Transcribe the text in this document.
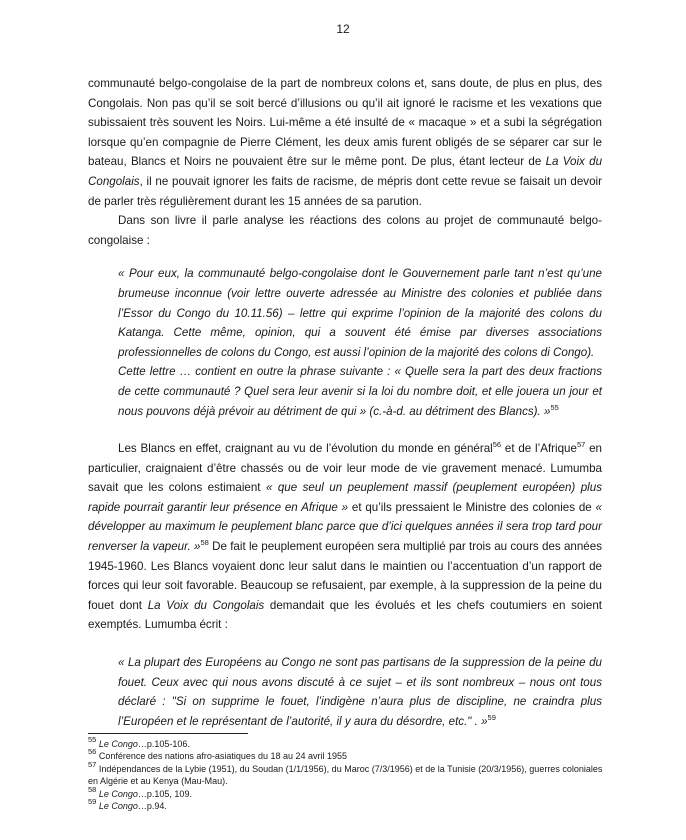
12

communauté belgo-congolaise de la part de nombreux colons et, sans doute, de plus en plus, des Congolais. Non pas qu’il se soit bercé d’illusions ou qu’il ait ignoré le racisme et les vexations que subissaient très souvent les Noirs. Lui-même a été insulté de « macaque » et a subi la ségrégation lorsque qu’en compagnie de Pierre Clément, les deux amis furent obligés de se séparer car sur le bateau, Blancs et Noirs ne pouvaient être sur le même pont. De plus, étant lecteur de La Voix du Congolais, il ne pouvait ignorer les faits de racisme, de mépris dont cette revue se faisait un devoir de parler très régulièrement durant les 15 années de sa parution.

Dans son livre il parle analyse les réactions des colons au projet de communauté belgo-congolaise :

« Pour eux, la communauté belgo-congolaise dont le Gouvernement parle tant n’est qu’une brumeuse inconnue (voir lettre ouverte adressée au Ministre des colonies et publiée dans l’Essor du Congo du 10.11.56) – lettre qui exprime l’opinion de la majorité des colons du Katanga. Cette même, opinion, qui a souvent été émise par diverses associations professionnelles de colons du Congo, est aussi l’opinion de la majorité des colons di Congo).

Cette lettre … contient en outre la phrase suivante : « Quelle sera la part des deux fractions de cette communauté ? Quel sera leur avenir si la loi du nombre doit, et elle jouera un jour et nous pouvons déjà prévoir au détriment de qui » (c.-à-d. au détriment des Blancs). »$^{55}$

Les Blancs en effet, craignant au vu de l’évolution du monde en général$^{56}$ et de l’Afrique$^{57}$ en particulier, craignaient d’être chassés ou de voir leur mode de vie gravement menacé. Lumumba savait que les colons estimaient « que seul un peuplement massif (peuplement européen) plus rapide pourrait garantir leur présence en Afrique » et qu’ils pressaient le Ministre des colonies de « développer au maximum le peuplement blanc parce que d’ici quelques années il sera trop tard pour renverser la vapeur. »$^{58}$ De fait le peuplement européen sera multiplié par trois au cours des années 1945-1960. Les Blancs voyaient donc leur salut dans le maintien ou l’accentuation d’un rapport de forces qui leur soit favorable. Beaucoup se refusaient, par exemple, à la suppression de la peine du fouet dont La Voix du Congolais demandait que les évolués et les chefs coutumiers en soient exemptés. Lumumba écrit :

« La plupart des Européens au Congo ne sont pas partisans de la suppression de la peine du fouet. Ceux avec qui nous avons discuté à ce sujet – et ils sont nombreux – nous ont tous déclaré : "Si on supprime le fouet, l’indigène n’aura plus de discipline, ne craindra plus l’Européen et le représentant de l’autorité, il y aura du désordre, etc." . »$^{59}$

$^{55}$ Le Congo…p.105-106.

$^{56}$ Conférence des nations afro-asiatiques du 18 au 24 avril 1955

$^{57}$ Indépendances de la Lybie (1951), du Soudan (1/1/1956), du Maroc (7/3/1956) et de la Tunisie (20/3/1956), guerres coloniales en Algérie et au Kenya (Mau-Mau).

$^{58}$ Le Congo…p.105, 109.

$^{59}$ Le Congo…p.94.
